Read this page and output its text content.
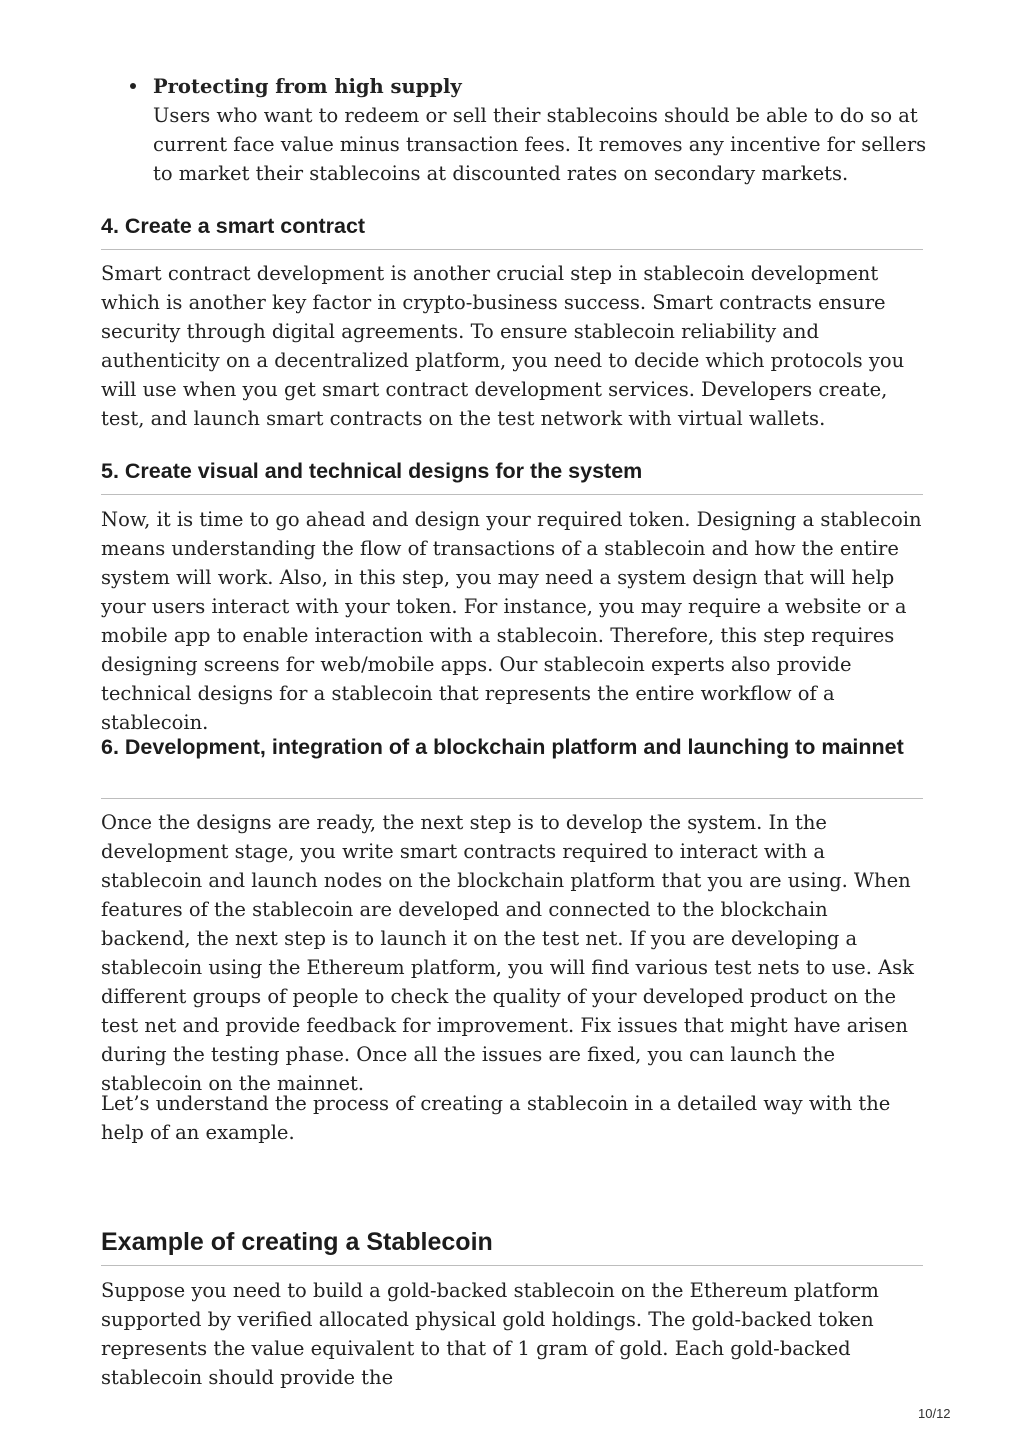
Protecting from high supply
Users who want to redeem or sell their stablecoins should be able to do so at current face value minus transaction fees. It removes any incentive for sellers to market their stablecoins at discounted rates on secondary markets.
4. Create a smart contract

Smart contract development is another crucial step in stablecoin development which is another key factor in crypto-business success. Smart contracts ensure security through digital agreements. To ensure stablecoin reliability and authenticity on a decentralized platform, you need to decide which protocols you will use when you get smart contract development services. Developers create, test, and launch smart contracts on the test network with virtual wallets.

5. Create visual and technical designs for the system

Now, it is time to go ahead and design your required token. Designing a stablecoin means understanding the flow of transactions of a stablecoin and how the entire system will work. Also, in this step, you may need a system design that will help your users interact with your token. For instance, you may require a website or a mobile app to enable interaction with a stablecoin. Therefore, this step requires designing screens for web/mobile apps. Our stablecoin experts also provide technical designs for a stablecoin that represents the entire workflow of a stablecoin.

6. Development, integration of a blockchain platform and launching to mainnet

Once the designs are ready, the next step is to develop the system. In the development stage, you write smart contracts required to interact with a stablecoin and launch nodes on the blockchain platform that you are using. When features of the stablecoin are developed and connected to the blockchain backend, the next step is to launch it on the test net. If you are developing a stablecoin using the Ethereum platform, you will find various test nets to use. Ask different groups of people to check the quality of your developed product on the test net and provide feedback for improvement. Fix issues that might have arisen during the testing phase. Once all the issues are fixed, you can launch the stablecoin on the mainnet.

Let’s understand the process of creating a stablecoin in a detailed way with the help of an example.

Example of creating a Stablecoin

Suppose you need to build a gold-backed stablecoin on the Ethereum platform supported by verified allocated physical gold holdings. The gold-backed token represents the value equivalent to that of 1 gram of gold. Each gold-backed stablecoin should provide the

10/12
